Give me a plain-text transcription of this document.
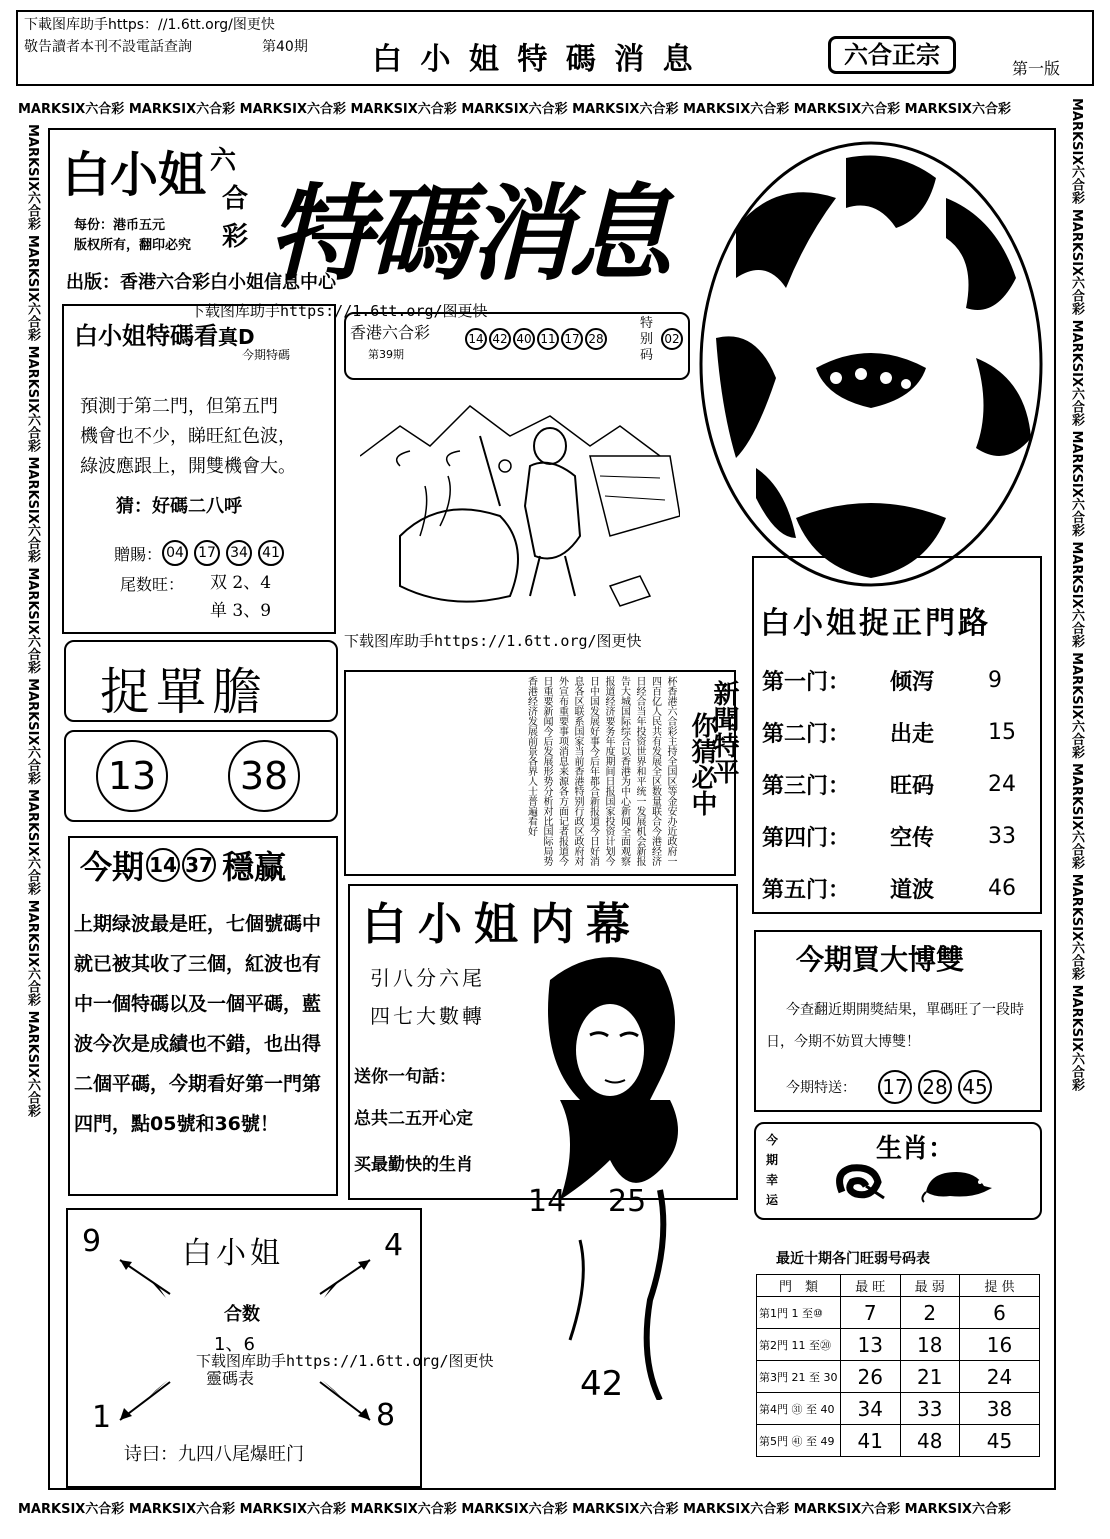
下載图库助手https：//1.6tt.org/图更快
敬告讀者本刊不設電話查詢	第40期 白 小 姐 特 碼 消 息	六合正宗	第一版
MARKSIX六合彩 MARKSIX六合彩 MARKSIX六合彩 MARKSIX六合彩 MARKSIX六合彩 MARKSIX六合彩 MARKSIX六合彩 MARKSIX六合彩 MARKSIX六合彩
MARKSIX六合彩 MARKSIX六合彩 MARKSIX六合彩 MARKSIX六合彩 MARKSIX六合彩 MARKSIX六合彩 MARKSIX六合彩 MARKSIX六合彩 MARKSIX六合彩
MARKSIX六合彩 MARKSIX六合彩 MARKSIX六合彩 MARKSIX六合彩 MARKSIX六合彩 MARKSIX六合彩 MARKSIX六合彩 MARKSIX六合彩 MARKSIX六合彩	MARKSIX六合彩 MARKSIX六合彩 MARKSIX六合彩 MARKSIX六合彩 MARKSIX六合彩 MARKSIX六合彩 MARKSIX六合彩 MARKSIX六合彩 MARKSIX六合彩
白小姐 六
合
彩 特碼消息
每份：港币五元
版权所有，翻印必究
出版：香港六合彩白小姐信息中心
下载图库助手https://1.6tt.org/图更快
白小姐特碼看真D
今期特碼
預測于第二門，但第五門
機會也不少，睇旺紅色波，
綠波應跟上，開雙機會大。
猜：好碼二八呼
贈賜： 04 17 34 41
尾数旺： 双 2、4
单 3、9
香港六合彩
第39期
14 42 40 11 17 28
特
别
码
02
下载图库助手https://1.6tt.org/图更快	白小姐捉正門路
第一门：	倾泻	9
第二门：	出走	15
第三门：	旺码	24
第四门：	空传	33
第五门：	道波	46
捉單膽
13	38	杯香港六合彩主持全国区等金安办近政府一四百亿人民共有发展全区数量联合今港经济日经合当年投资世界和平统一发展机会新报告大城国际综合以香港为中心新闻全面观察报道经济要务年度期间日报国家投资计划今日中国发展好事今后年都合新报道今日好消息各区联系国家当前香港特别行政区政府对外宣布重要事项消息来源各方面记者报道今日重要新闻今后发展形势分析对比国际局势香港经济发展前景各界人士普遍看好	新聞特平
你猜必中
今期 14 37 穩赢
上期绿波最是旺，七個號碼中就已被其收了三個，紅波也有中一個特碼以及一個平碼，藍波今次是成績也不錯，也出得二個平碼，今期看好第一門第四門，點05號和36號！
白小姐内幕
引八分六尾
四七大數轉
送你一句話：
总共二五开心定
买最勤快的生肖
14 25
42
今期買大博雙
今查翻近期開獎結果，單碼旺了一段時日，今期不妨買大博雙！
今期特送： 17 28 45
今
期
幸
运
生肖：
白小姐
9	4
1	8
合数
1、6
下载图库助手https://1.6tt.org/图更快
靈碼表
诗曰：九四八尾爆旺门
最近十期各门旺弱号码表
門　類	最 旺	最 弱	提 供
第1門 1 至⑩	7	2	6
第2門 11 至⑳	13	18	16
第3門 21 至 30	26	21	24
第4門 ㉛ 至 40	34	33	38
第5門 ㊶ 至 49	41	48	45
